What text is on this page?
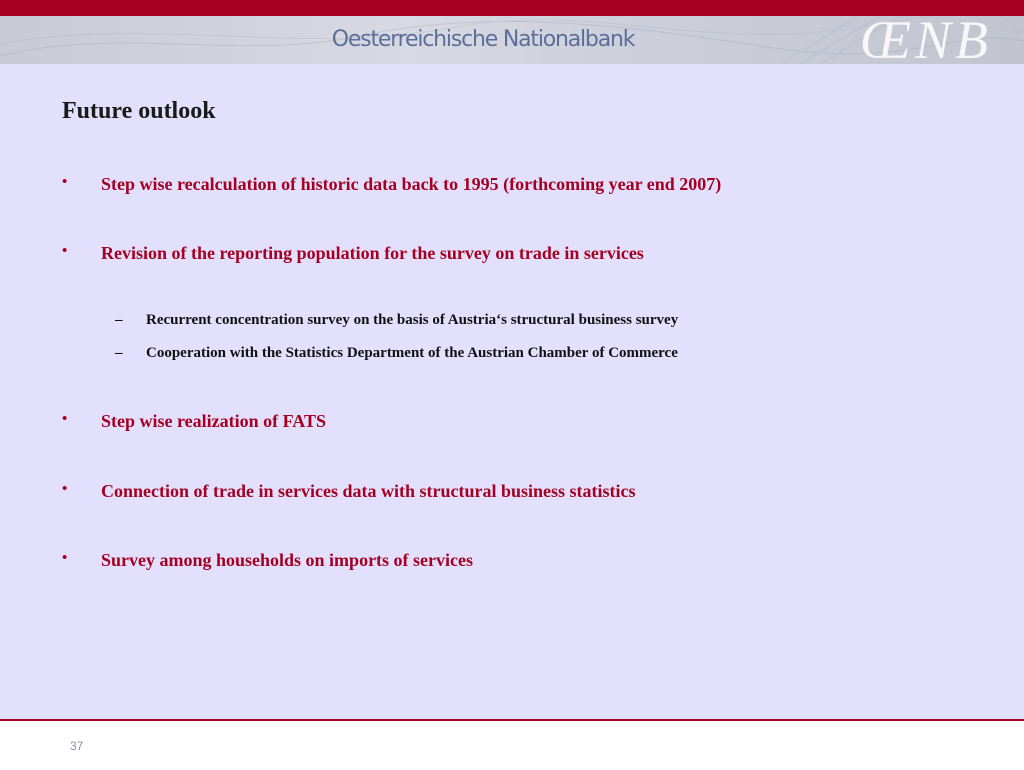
Oesterreichische Nationalbank	ŒNB
Future outlook
• Step wise recalculation of historic data back to 1995 (forthcoming year end 2007)
• Revision of the reporting population for the survey on trade in services
– Recurrent concentration survey on the basis of Austria‘s structural business survey
– Cooperation with the Statistics Department of the Austrian Chamber of Commerce
• Step wise realization of FATS
• Connection of trade in services data with structural business statistics
• Survey among households on imports of services
37
